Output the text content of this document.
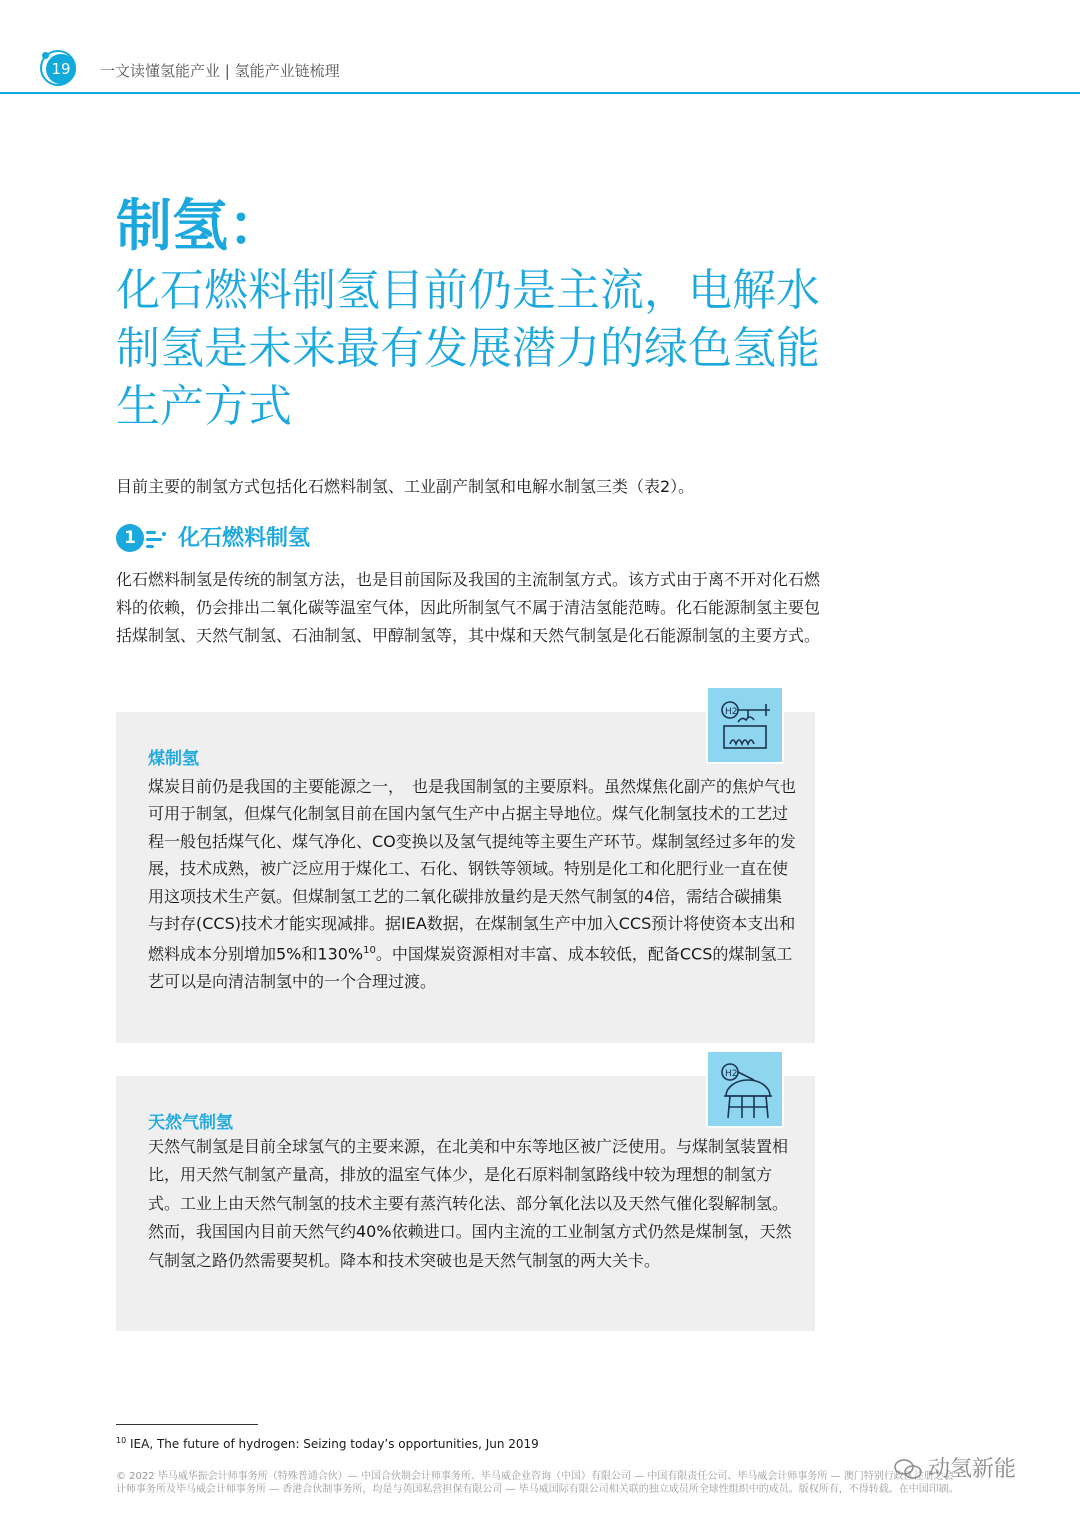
19	一文读懂氢能产业 | 氢能产业链梳理
制氢：
化石燃料制氢目前仍是主流，电解水制氢是未来最有发展潜力的绿色氢能生产方式
目前主要的制氢方式包括化石燃料制氢、工业副产制氢和电解水制氢三类（表2）。
1	化石燃料制氢
化石燃料制氢是传统的制氢方法，也是目前国际及我国的主流制氢方式。该方式由于离不开对化石燃料的依赖，仍会排出二氧化碳等温室气体，因此所制氢气不属于清洁氢能范畴。化石能源制氢主要包括煤制氢、天然气制氢、石油制氢、甲醇制氢等，其中煤和天然气制氢是化石能源制氢的主要方式。
煤制氢
煤炭目前仍是我国的主要能源之一，　也是我国制氢的主要原料。虽然煤焦化副产的焦炉气也可用于制氢，但煤气化制氢目前在国内氢气生产中占据主导地位。煤气化制氢技术的工艺过程一般包括煤气化、煤气净化、CO变换以及氢气提纯等主要生产环节。煤制氢经过多年的发展，技术成熟，被广泛应用于煤化工、石化、钢铁等领域。特别是化工和化肥行业一直在使用这项技术生产氨。但煤制氢工艺的二氧化碳排放量约是天然气制氢的4倍，需结合碳捕集与封存(CCS)技术才能实现减排。据IEA数据，在煤制氢生产中加入CCS预计将使资本支出和燃料成本分别增加5%和130%$^{10}$。中国煤炭资源相对丰富、成本较低，配备CCS的煤制氢工艺可以是向清洁制氢中的一个合理过渡。
H2
天然气制氢
天然气制氢是目前全球氢气的主要来源，在北美和中东等地区被广泛使用。与煤制氢装置相比，用天然气制氢产量高，排放的温室气体少，是化石原料制氢路线中较为理想的制氢方式。工业上由天然气制氢的技术主要有蒸汽转化法、部分氧化法以及天然气催化裂解制氢。然而，我国国内目前天然气约40%依赖进口。国内主流的工业制氢方式仍然是煤制氢，天然气制氢之路仍然需要契机。降本和技术突破也是天然气制氢的两大关卡。
H2
$^{10}$ IEA, The future of hydrogen: Seizing today’s opportunities, Jun 2019
© 2022 毕马威华振会计师事务所（特殊普通合伙）— 中国合伙制会计师事务所、毕马威企业咨询（中国）有限公司 — 中国有限责任公司、毕马威会计师事务所 — 澳门特别行政区注册之会计师事务所及毕马威会计师事务所 — 香港合伙制事务所，均是与英国私营担保有限公司 — 毕马威国际有限公司相关联的独立成员所全球性组织中的成员。版权所有，不得转载。在中国印刷。
动氢新能
